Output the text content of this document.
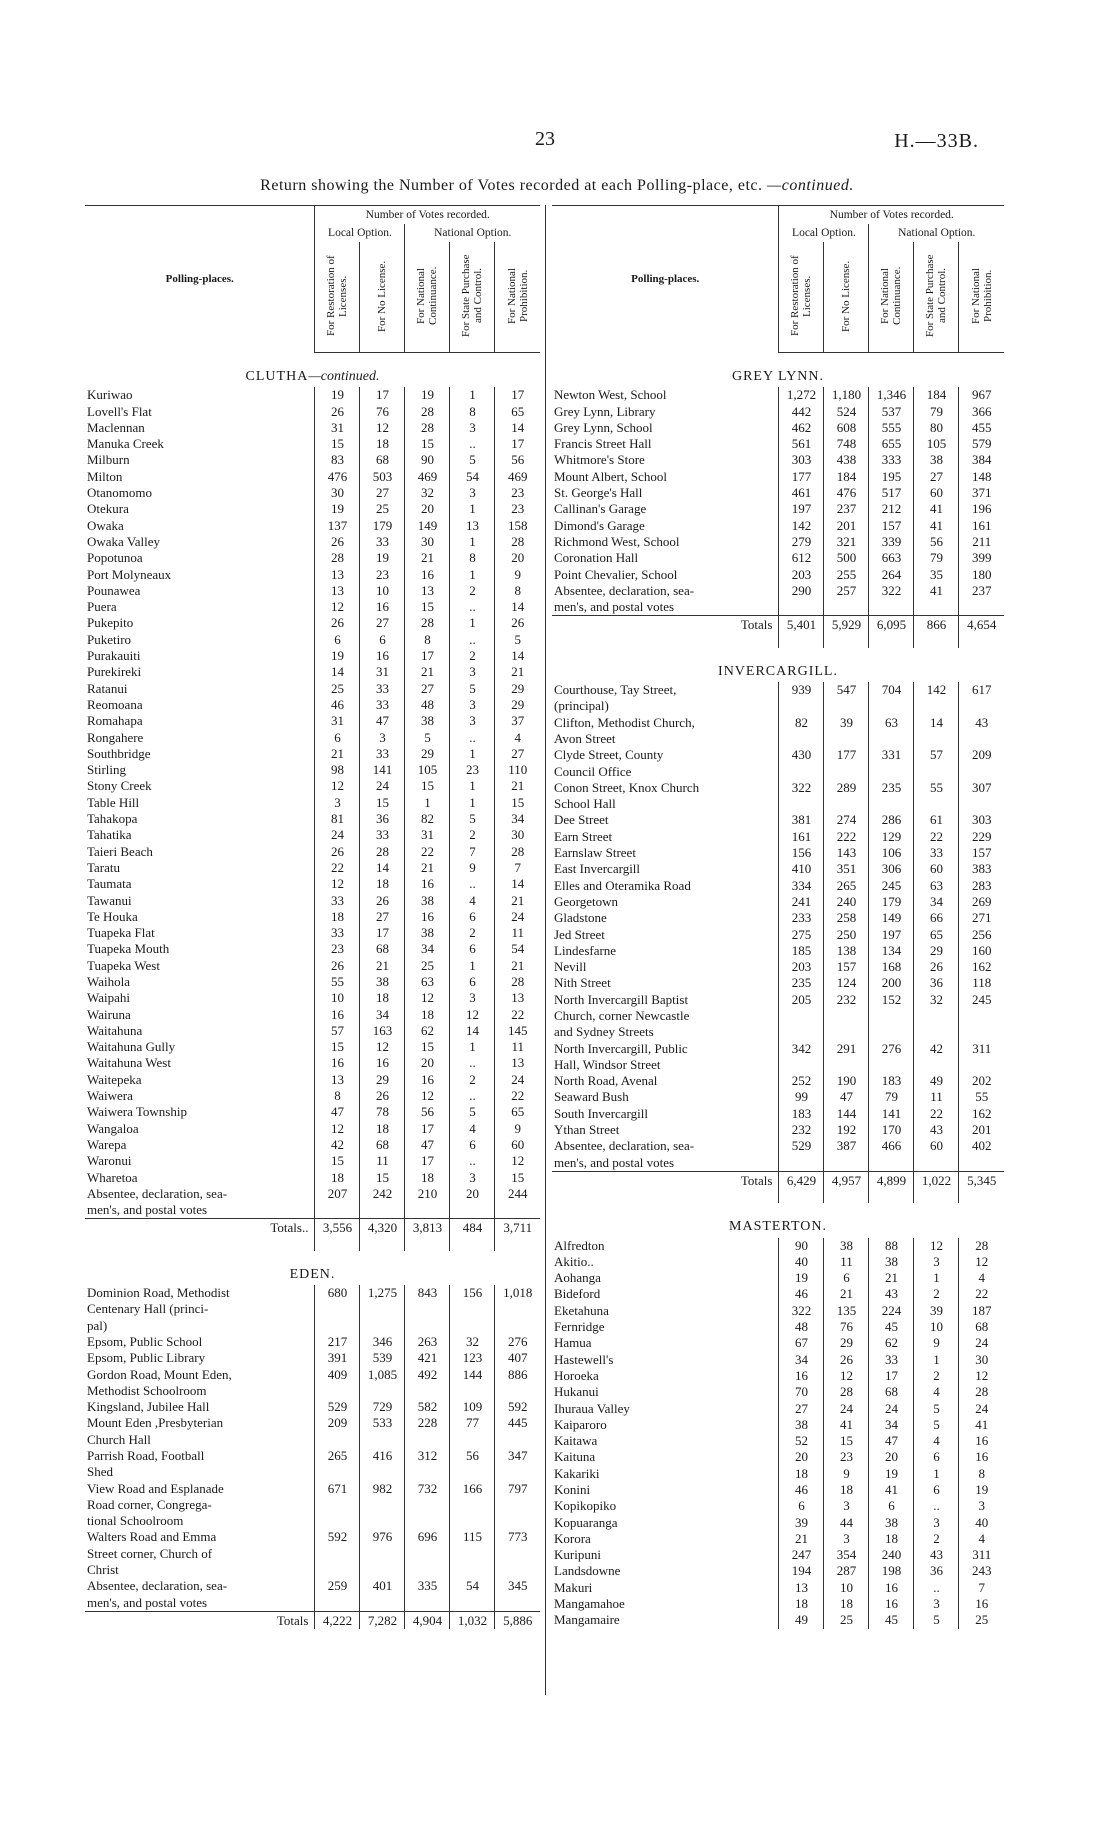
23	H.—33B.
Return showing the Number of Votes recorded at each Polling-place, etc. —continued.
Polling-places.	Number of Votes recorded.				
	Local Option.		National Option.		

	For Restoration of Licenses.	For No License.	For National Continuance.	For State Purchase and Control.	For National Prohibition.

CLUTHA—continued.					
Kuriwao	19	17	19	1	17
Lovell's Flat	26	76	28	8	65
Maclennan	31	12	28	3	14
Manuka Creek	15	18	15	..	17
Milburn	83	68	90	5	56
Milton	476	503	469	54	469
Otanomomo	30	27	32	3	23
Otekura	19	25	20	1	23
Owaka	137	179	149	13	158
Owaka Valley	26	33	30	1	28
Popotunoa	28	19	21	8	20
Port Molyneaux	13	23	16	1	9
Pounawea	13	10	13	2	8
Puera	12	16	15	..	14
Pukepito	26	27	28	1	26
Puketiro	6	6	8	..	5
Purakauiti	19	16	17	2	14
Purekireki	14	31	21	3	21
Ratanui	25	33	27	5	29
Reomoana	46	33	48	3	29
Romahapa	31	47	38	3	37
Rongahere	6	3	5	..	4
Southbridge	21	33	29	1	27
Stirling	98	141	105	23	110
Stony Creek	12	24	15	1	21
Table Hill	3	15	1	1	15
Tahakopa	81	36	82	5	34
Tahatika	24	33	31	2	30
Taieri Beach	26	28	22	7	28
Taratu	22	14	21	9	7
Taumata	12	18	16	..	14
Tawanui	33	26	38	4	21
Te Houka	18	27	16	6	24
Tuapeka Flat	33	17	38	2	11
Tuapeka Mouth	23	68	34	6	54
Tuapeka West	26	21	25	1	21
Waihola	55	38	63	6	28
Waipahi	10	18	12	3	13
Wairuna	16	34	18	12	22
Waitahuna	57	163	62	14	145
Waitahuna Gully	15	12	15	1	11
Waitahuna West	16	16	20	..	13
Waitepeka	13	29	16	2	24
Waiwera	8	26	12	..	22
Waiwera Township	47	78	56	5	65
Wangaloa	12	18	17	4	9
Warepa	42	68	47	6	60
Waronui	15	11	17	..	12
Wharetoa	18	15	18	3	15
Absentee, declaration, sea-	207	242	210	20	244
men's, and postal votes					
Totals..	3,556	4,320	3,813	484	3,711

EDEN.					
Dominion Road, Methodist	680	1,275	843	156	1,018
Centenary Hall (princi-					
pal)					
Epsom, Public School	217	346	263	32	276
Epsom, Public Library	391	539	421	123	407
Gordon Road, Mount Eden,	409	1,085	492	144	886
Methodist Schoolroom					
Kingsland, Jubilee Hall	529	729	582	109	592
Mount Eden ,Presbyterian	209	533	228	77	445
Church Hall					
Parrish Road, Football	265	416	312	56	347
Shed					
View Road and Esplanade	671	982	732	166	797
Road corner, Congrega-					
tional Schoolroom					
Walters Road and Emma	592	976	696	115	773
Street corner, Church of					
Christ					
Absentee, declaration, sea-	259	401	335	54	345
men's, and postal votes					
Totals	4,222	7,282	4,904	1,032	5,886
Polling-places.	Number of Votes recorded.				
	Local Option.		National Option.		

	For Restoration of Licenses.	For No License.	For National Continuance.	For State Purchase and Control.	For National Prohibition.

GREY LYNN.					
Newton West, School	1,272	1,180	1,346	184	967
Grey Lynn, Library	442	524	537	79	366
Grey Lynn, School	462	608	555	80	455
Francis Street Hall	561	748	655	105	579
Whitmore's Store	303	438	333	38	384
Mount Albert, School	177	184	195	27	148
St. George's Hall	461	476	517	60	371
Callinan's Garage	197	237	212	41	196
Dimond's Garage	142	201	157	41	161
Richmond West, School	279	321	339	56	211
Coronation Hall	612	500	663	79	399
Point Chevalier, School	203	255	264	35	180
Absentee, declaration, sea-	290	257	322	41	237
men's, and postal votes					
Totals	5,401	5,929	6,095	866	4,654

INVERCARGILL.					
Courthouse, Tay Street,	939	547	704	142	617
(principal)					
Clifton, Methodist Church,	82	39	63	14	43
Avon Street					
Clyde Street, County	430	177	331	57	209
Council Office					
Conon Street, Knox Church	322	289	235	55	307
School Hall					
Dee Street	381	274	286	61	303
Earn Street	161	222	129	22	229
Earnslaw Street	156	143	106	33	157
East Invercargill	410	351	306	60	383
Elles and Oteramika Road	334	265	245	63	283
Georgetown	241	240	179	34	269
Gladstone	233	258	149	66	271
Jed Street	275	250	197	65	256
Lindesfarne	185	138	134	29	160
Nevill	203	157	168	26	162
Nith Street	235	124	200	36	118
North Invercargill Baptist	205	232	152	32	245
Church, corner Newcastle					
and Sydney Streets					
North Invercargill, Public	342	291	276	42	311
Hall, Windsor Street					
North Road, Avenal	252	190	183	49	202
Seaward Bush	99	47	79	11	55
South Invercargill	183	144	141	22	162
Ythan Street	232	192	170	43	201
Absentee, declaration, sea-	529	387	466	60	402
men's, and postal votes					
Totals	6,429	4,957	4,899	1,022	5,345

MASTERTON.					
Alfredton	90	38	88	12	28
Akitio..	40	11	38	3	12
Aohanga	19	6	21	1	4
Bideford	46	21	43	2	22
Eketahuna	322	135	224	39	187
Fernridge	48	76	45	10	68
Hamua	67	29	62	9	24
Hastewell's	34	26	33	1	30
Horoeka	16	12	17	2	12
Hukanui	70	28	68	4	28
Ihuraua Valley	27	24	24	5	24
Kaiparoro	38	41	34	5	41
Kaitawa	52	15	47	4	16
Kaituna	20	23	20	6	16
Kakariki	18	9	19	1	8
Konini	46	18	41	6	19
Kopikopiko	6	3	6	..	3
Kopuaranga	39	44	38	3	40
Korora	21	3	18	2	4
Kuripuni	247	354	240	43	311
Landsdowne	194	287	198	36	243
Makuri	13	10	16	..	7
Mangamahoe	18	18	16	3	16
Mangamaire	49	25	45	5	25
